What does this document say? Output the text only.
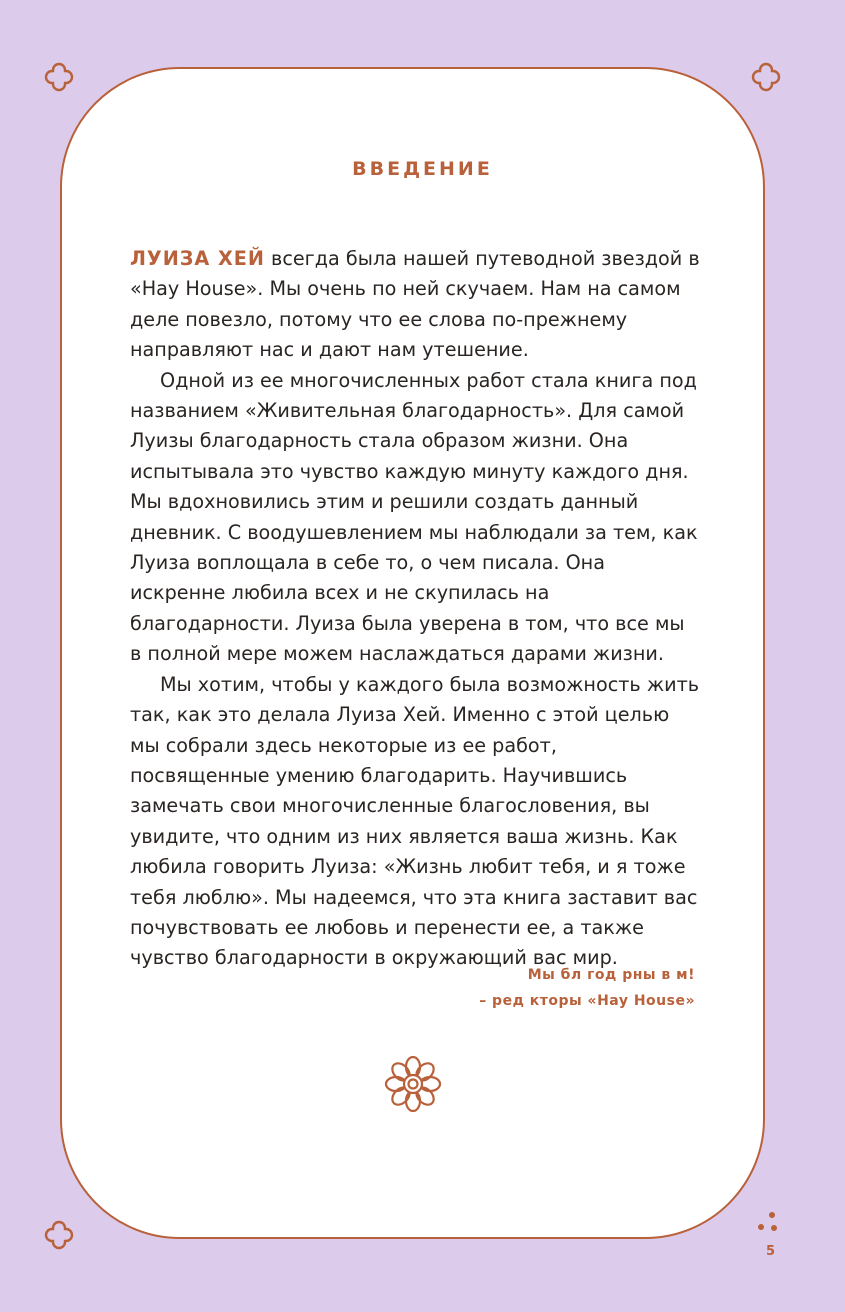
ВВЕДЕНИЕ

ЛУИЗА ХЕЙ всегда была нашей путеводной звездой в «Hay House». Мы очень по ней скучаем. Нам на самом деле повезло, потому что ее слова по-прежнему направляют нас и дают нам утешение.

Одной из ее многочисленных работ стала книга под названием «Живительная благодарность». Для самой Луизы благодарность стала образом жизни. Она испытывала это чувство каждую минуту каждого дня. Мы вдохновились этим и решили создать данный дневник. С воодушевлением мы наблюдали за тем, как Луиза воплощала в себе то, о чем писала. Она искренне любила всех и не скупилась на благодарности. Луиза была уверена в том, что все мы в полной мере можем наслаждаться дарами жизни.

Мы хотим, чтобы у каждого была возможность жить так, как это делала Луиза Хей. Именно с этой целью мы собрали здесь некоторые из ее работ, посвященные умению благодарить. Научившись замечать свои многочисленные благословения, вы увидите, что одним из них является ваша жизнь. Как любила говорить Луиза: «Жизнь любит тебя, и я тоже тебя люблю». Мы надеемся, что эта книга заставит вас почувствовать ее любовь и перенести ее, а также чувство благодарности в окружающий вас мир.

Мы бл год рны в м!
– ред кторы «Hay House»
5
